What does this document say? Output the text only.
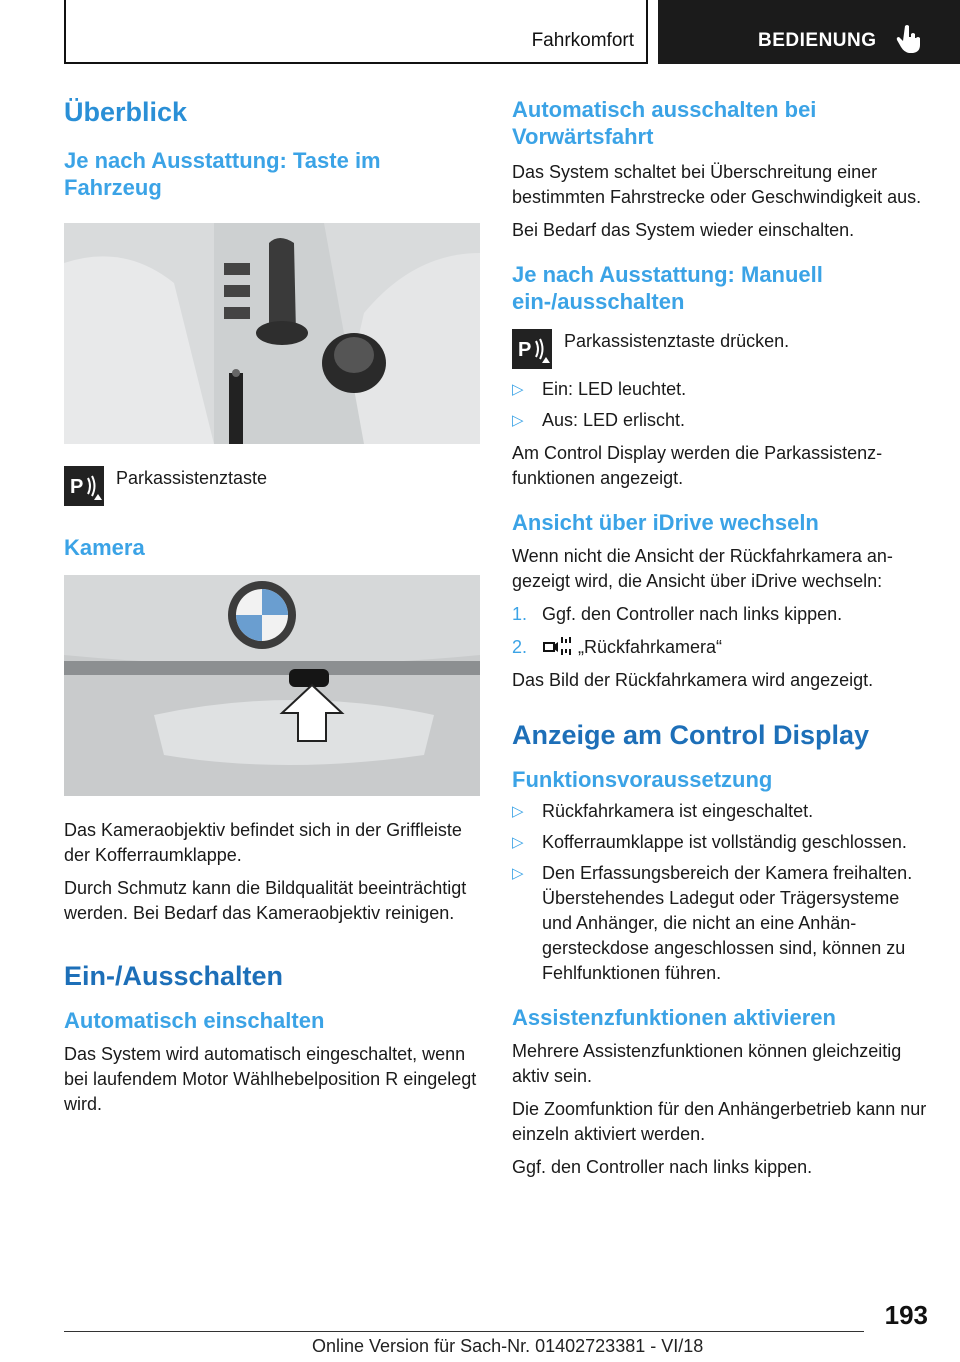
Fahrkomfort	BEDIENUNG
Überblick
Je nach Ausstattung: Taste im Fahrzeug
P	Parkassistenztaste
Kamera

Das Kameraobjektiv befindet sich in der Griffleiste der Kofferraumklappe.

Durch Schmutz kann die Bildqualität beeinträchtigt werden. Bei Bedarf das Kameraobjektiv reinigen.

Ein-/Ausschalten
Automatisch einschalten

Das System wird automatisch eingeschaltet, wenn bei laufendem Motor Wählhebelposition R eingelegt wird.

Automatisch ausschalten bei Vorwärtsfahrt

Das System schaltet bei Überschreitung einer bestimmten Fahrstrecke oder Geschwindigkeit aus.

Bei Bedarf das System wieder einschalten.

Je nach Ausstattung: Manuell ein-/ausschalten
P	Parkassistenztaste drücken.
▷ Ein: LED leuchtet.
▷ Aus: LED erlischt.

Am Control Display werden die Parkassistenzfunktionen angezeigt.

Ansicht über iDrive wechseln

Wenn nicht die Ansicht der Rückfahrkamera angezeigt wird, die Ansicht über iDrive wechseln:

1. Ggf. den Controller nach links kippen.
2.	„Rückfahrkamera“

Das Bild der Rückfahrkamera wird angezeigt.

Anzeige am Control Display
Funktionsvoraussetzung
▷ Rückfahrkamera ist eingeschaltet.
▷ Kofferraumklappe ist vollständig geschlossen.
▷ Den Erfassungsbereich der Kamera freihalten. Überstehendes Ladegut oder Trägersysteme und Anhänger, die nicht an eine Anhängersteckdose angeschlossen sind, können zu Fehlfunktionen führen.
Assistenzfunktionen aktivieren

Mehrere Assistenzfunktionen können gleichzeitig aktiv sein.

Die Zoomfunktion für den Anhängerbetrieb kann nur einzeln aktiviert werden.

Ggf. den Controller nach links kippen.

193
Online Version für Sach-Nr. 01402723381 - VI/18
